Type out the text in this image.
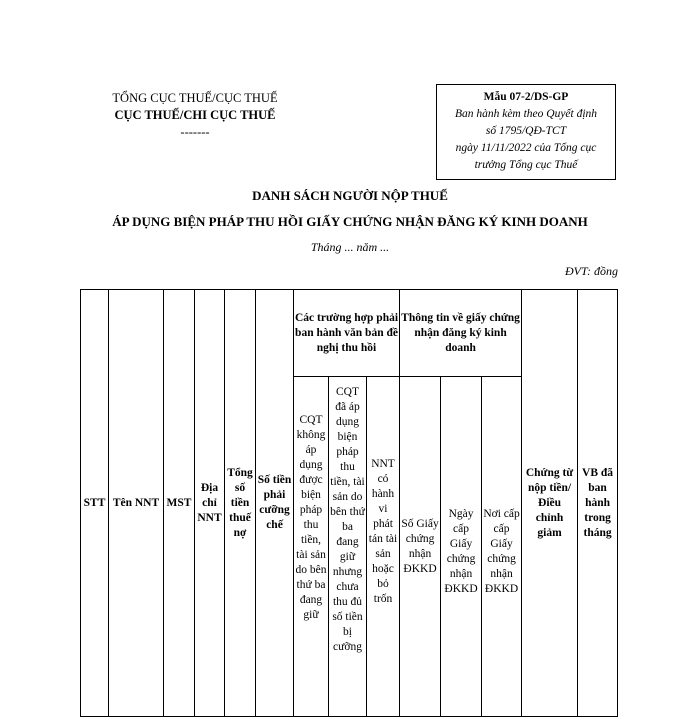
TỔNG CỤC THUẾ/CỤC THUẾ
CỤC THUẾ/CHI CỤC THUẾ
-------
Mẫu 07-2/DS-GP
Ban hành kèm theo Quyết định
số 1795/QĐ-TCT
ngày 11/11/2022 của Tổng cục
trưởng Tổng cục Thuế
DANH SÁCH NGƯỜI NỘP THUẾ
ÁP DỤNG BIỆN PHÁP THU HỒI GIẤY CHỨNG NHẬN ĐĂNG KÝ KINH DOANH
Tháng ... năm ...
ĐVT: đồng
STT	Tên NNT	MST	Địa chỉ NNT	Tổng số tiền thuế nợ	Số tiền phải cưỡng chế	Các trường hợp phải ban hành văn bản đề nghị thu hồi			Thông tin về giấy chứng nhận đăng ký kinh doanh			Chứng từ nộp tiền/Điều chỉnh giảm	VB đã ban hành trong tháng
						CQT không áp dụng được biện pháp thu tiền, tài sản do bên thứ ba đang giữ	CQT đã áp dụng biện pháp thu tiền, tài sản do bên thứ ba đang giữ nhưng chưa thu đủ số tiền bị cưỡng	NNT có hành vi phát tán tài sản hoặc bỏ trốn	Số Giấy chứng nhận ĐKKD	Ngày cấp Giấy chứng nhận ĐKKD	Nơi cấp cấp Giấy chứng nhận ĐKKD		
